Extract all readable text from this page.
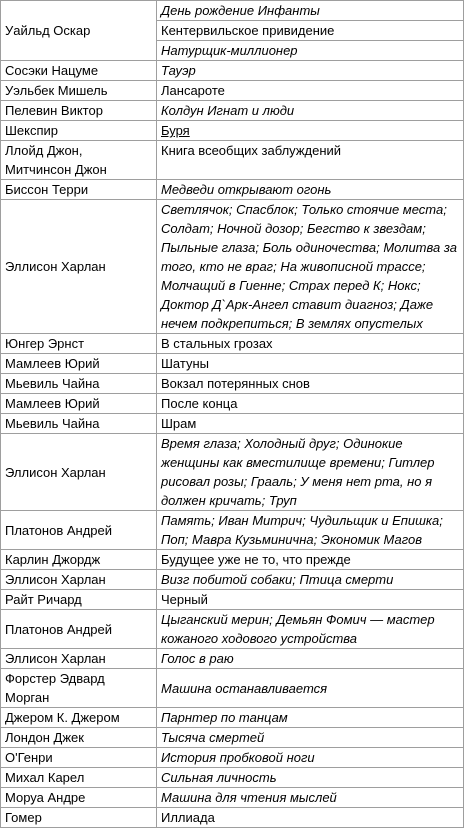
Уайльд Оскар	День рождение Инфанты
	Кентервильское привидение
	Натурщик-миллионер
Сосэки Нацуме	Тауэр
Уэльбек Мишель	Лансароте
Пелевин Виктор	Колдун Игнат и люди
Шекспир	Буря
Ллойд Джон, Митчинсон Джон	Книга всеобщих заблуждений
Биссон Терри	Медведи открывают огонь
Эллисон Харлан	Светлячок; Спасблок; Только стоячие места; Солдат; Ночной дозор; Бегство к звездам; Пыльные глаза; Боль одиночества; Молитва за того, кто не враг; На живописной трассе; Молчащий в Гиенне; Страх перед К; Нокс; Доктор Д`Арк-Ангел ставит диагноз; Даже нечем подкрепиться; В землях опустелых
Юнгер Эрнст	В стальных грозах
Мамлеев Юрий	Шатуны
Мьевиль Чайна	Вокзал потерянных снов
Мамлеев Юрий	После конца
Мьевиль Чайна	Шрам
Эллисон Харлан	Время глаза; Холодный друг; Одинокие женщины как вместилище времени; Гитлер рисовал розы; Грааль; У меня нет рта, но я должен кричать; Труп
Платонов Андрей	Память; Иван Митрич; Чудильщик и Епишка; Поп; Мавра Кузьминична; Экономик Магов
Карлин Джордж	Будущее уже не то, что прежде
Эллисон Харлан	Визг побитой собаки; Птица смерти
Райт Ричард	Черный
Платонов Андрей	Цыганский мерин; Демьян Фомич — мастер кожаного ходового устройства
Эллисон Харлан	Голос в раю
Форстер Эдвард Морган	Машина останавливается
Джером К. Джером	Парнтер по танцам
Лондон Джек	Тысяча смертей
О'Генри	История пробковой ноги
Михал Карел	Сильная личность
Моруа Андре	Машина для чтения мыслей
Гомер	Иллиада
